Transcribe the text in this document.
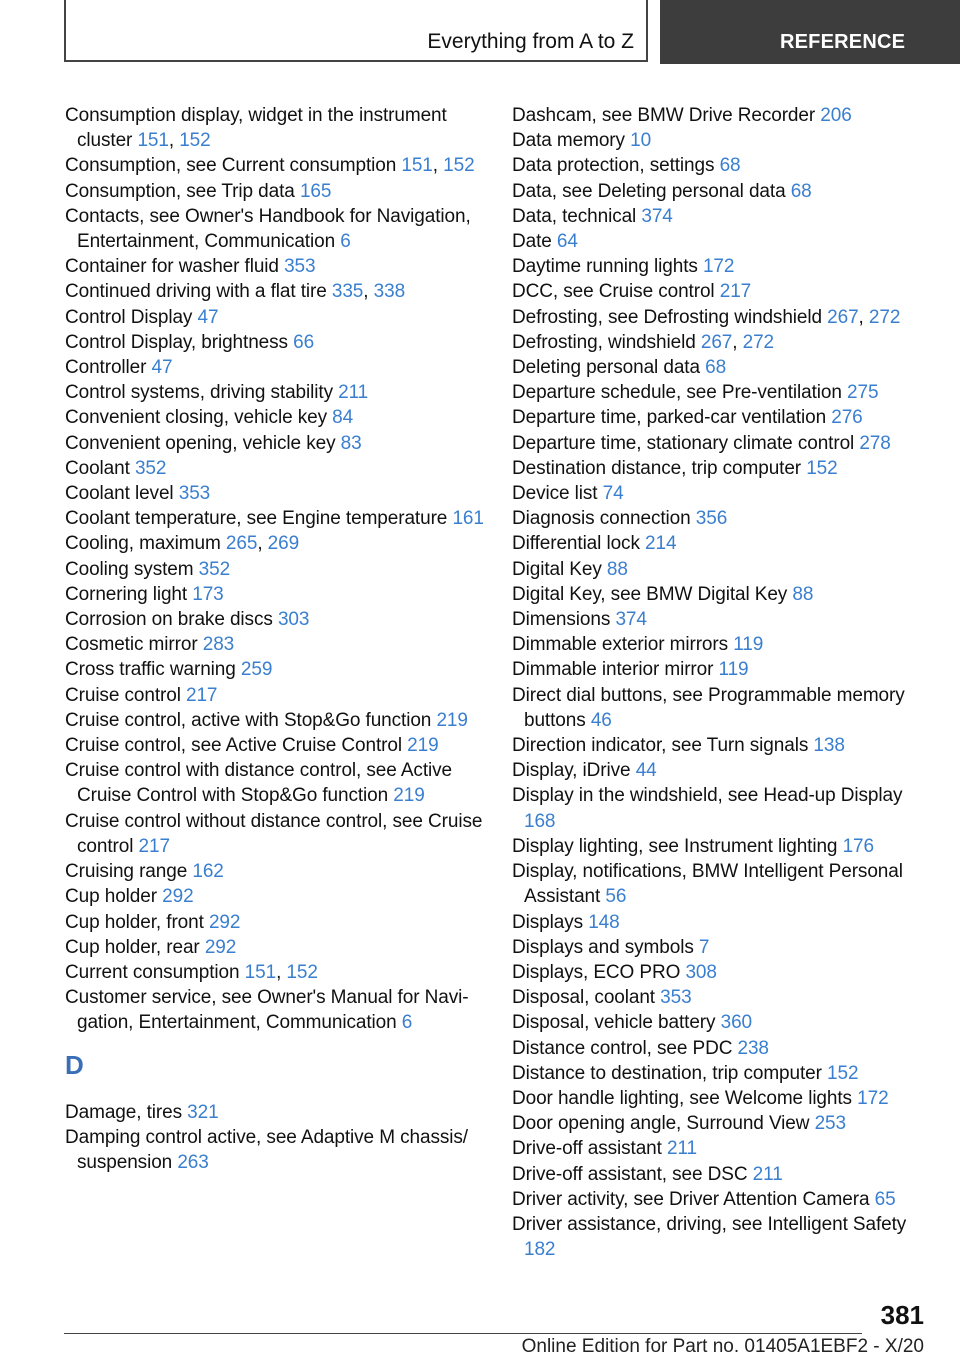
Everything from A to Z	REFERENCE
Consumption display, widget in the instrument cluster 151, 152
Consumption, see Current consumption 151, 152
Consumption, see Trip data 165
Contacts, see Owner's Handbook for Navigation, Entertainment, Communication 6
Container for washer fluid 353
Continued driving with a flat tire 335, 338
Control Display 47
Control Display, brightness 66
Controller 47
Control systems, driving stability 211
Convenient closing, vehicle key 84
Convenient opening, vehicle key 83
Coolant 352
Coolant level 353
Coolant temperature, see Engine temperature 161
Cooling, maximum 265, 269
Cooling system 352
Cornering light 173
Corrosion on brake discs 303
Cosmetic mirror 283
Cross traffic warning 259
Cruise control 217
Cruise control, active with Stop&Go function 219
Cruise control, see Active Cruise Control 219
Cruise control with distance control, see Active Cruise Control with Stop&Go function 219
Cruise control without distance control, see Cruise control 217
Cruising range 162
Cup holder 292
Cup holder, front 292
Cup holder, rear 292
Current consumption 151, 152
Customer service, see Owner's Manual for Navigation, Entertainment, Communication 6
D
Damage, tires 321
Damping control active, see Adaptive M chassis/ suspension 263
Dashcam, see BMW Drive Recorder 206
Data memory 10
Data protection, settings 68
Data, see Deleting personal data 68
Data, technical 374
Date 64
Daytime running lights 172
DCC, see Cruise control 217
Defrosting, see Defrosting windshield 267, 272
Defrosting, windshield 267, 272
Deleting personal data 68
Departure schedule, see Pre-ventilation 275
Departure time, parked-car ventilation 276
Departure time, stationary climate control 278
Destination distance, trip computer 152
Device list 74
Diagnosis connection 356
Differential lock 214
Digital Key 88
Digital Key, see BMW Digital Key 88
Dimensions 374
Dimmable exterior mirrors 119
Dimmable interior mirror 119
Direct dial buttons, see Programmable memory buttons 46
Direction indicator, see Turn signals 138
Display, iDrive 44
Display in the windshield, see Head-up Display 168
Display lighting, see Instrument lighting 176
Display, notifications, BMW Intelligent Personal Assistant 56
Displays 148
Displays and symbols 7
Displays, ECO PRO 308
Disposal, coolant 353
Disposal, vehicle battery 360
Distance control, see PDC 238
Distance to destination, trip computer 152
Door handle lighting, see Welcome lights 172
Door opening angle, Surround View 253
Drive-off assistant 211
Drive-off assistant, see DSC 211
Driver activity, see Driver Attention Camera 65
Driver assistance, driving, see Intelligent Safety 182
381
Online Edition for Part no. 01405A1EBF2 - X/20
